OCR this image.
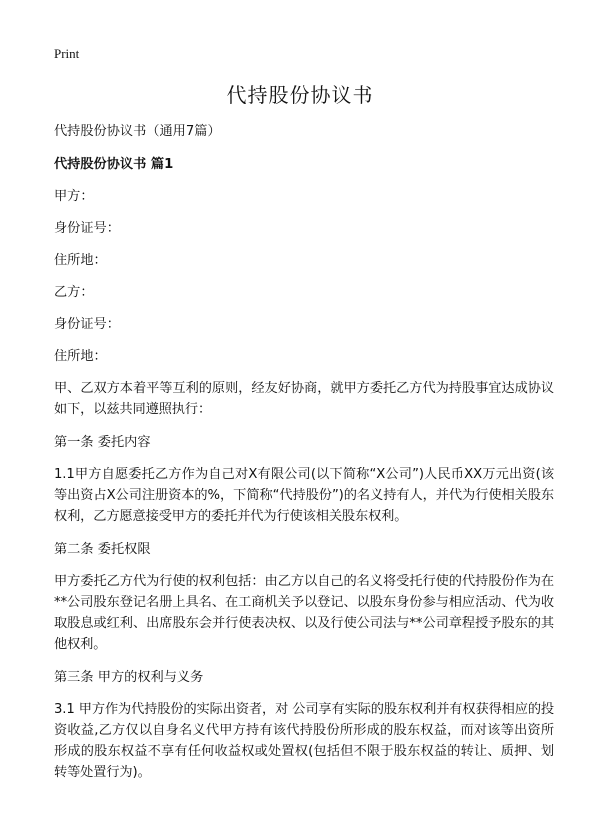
Print
代持股份协议书

代持股份协议书（通用7篇）

代持股份协议书 篇1

甲方：

身份证号：

住所地：

乙方：

身份证号：

住所地：

甲、乙双方本着平等互利的原则，经友好协商，就甲方委托乙方代为持股事宜达成协议如下，以兹共同遵照执行：

第一条 委托内容

1.1甲方自愿委托乙方作为自己对X有限公司(以下简称“X公司”)人民币XX万元出资(该等出资占X公司注册资本的%，下简称“代持股份”)的名义持有人，并代为行使相关股东权利，乙方愿意接受甲方的委托并代为行使该相关股东权利。

第二条 委托权限

甲方委托乙方代为行使的权利包括：由乙方以自己的名义将受托行使的代持股份作为在**公司股东登记名册上具名、在工商机关予以登记、以股东身份参与相应活动、代为收取股息或红利、出席股东会并行使表决权、以及行使公司法与**公司章程授予股东的其他权利。

第三条 甲方的权利与义务

3.1 甲方作为代持股份的实际出资者，对 公司享有实际的股东权利并有权获得相应的投资收益,乙方仅以自身名义代甲方持有该代持股份所形成的股东权益，而对该等出资所形成的股东权益不享有任何收益权或处置权(包括但不限于股东权益的转让、质押、划转等处置行为)。
